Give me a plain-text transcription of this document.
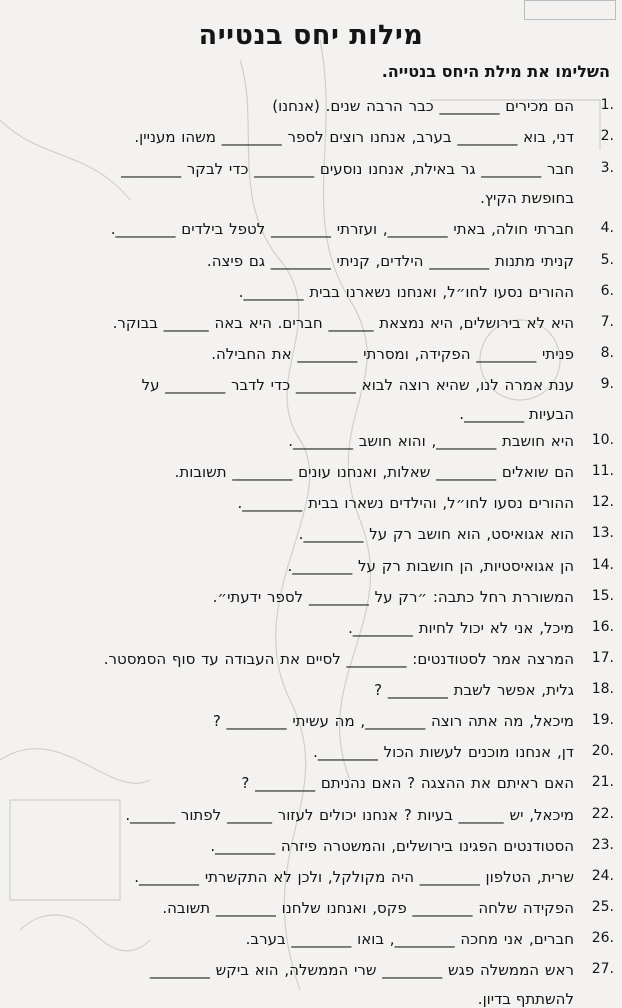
מילות יחס בנטייה
השלימו את מילת היחס בנטייה.
1.
הם מכירים ________ כבר הרבה שנים. (אנחנו)
2.
דני, בוא ________ בערב, אנחנו רוצים לספר ________ משהו מעניין.
3.
חבר ________ גר באילת, אנחנו נוסעים ________ כדי לבקר ________
בחופשת הקיץ.
4.
חברתי חולה, באתי ________, ועזרתי ________ לטפל בילדים ________.
5.
קניתי מתנות ________ הילדים, קניתי ________ גם פיצה.
6.
ההורים נסעו לחו״ל, ואנחנו נשארנו בבית ________.
7.
היא לא בירושלים, היא נמצאת ______ חברים. היא באה ______ בבוקר.
8.
פניתי ________ הפקידה, ומסרתי ________ את החבילה.
9.
ענת אמרה לנו, שהיא רוצה לבוא ________ כדי לדבר ________ על
הבעיות ________.
10.
היא חושבת ________, והוא חושב ________.
11.
הם שואלים ________ שאלות, ואנחנו עונים ________ תשובות.
12.
ההורים נסעו לחו״ל, והילדים נשארו בבית ________.
13.
הוא אגואיסט, הוא חושב רק על ________.
14.
הן אגואיסטיות, הן חושבות רק על ________.
15.
המשוררת רחל כתבה: ״רק על ________ לספר ידעתי״.
16.
מיכל, אני לא יכול לחיות ________.
17.
המרצה אמר לסטודנטים: ________ לסיים את העבודה עד סוף הסמסטר.
18.
גלית, אפשר לשבת ________ ?
19.
מיכאל, מה אתה רוצה ________, מה עשיתי ________ ?
20.
דן, אנחנו מוכנים לעשות הכול ________.
21.
האם ראיתם את ההצגה ? האם נהניתם ________ ?
22.
מיכאל, יש ______ בעיות ? אנחנו יכולים לעזור ______ לפתור ______.
23.
הסטודנטים הפגינו בירושלים, והמשטרה פיזרה ________.
24.
שרית, הטלפון ________ היה מקולקל, ולכן לא התקשרתי ________.
25.
הפקידה שלחה ________ פקס, ואנחנו שלחנו ________ תשובה.
26.
חברים, אני מחכה ________, בואו ________ בערב.
27.
ראש הממשלה פגש ________ שרי הממשלה, הוא ביקש ________
להשתתף בדיון.
